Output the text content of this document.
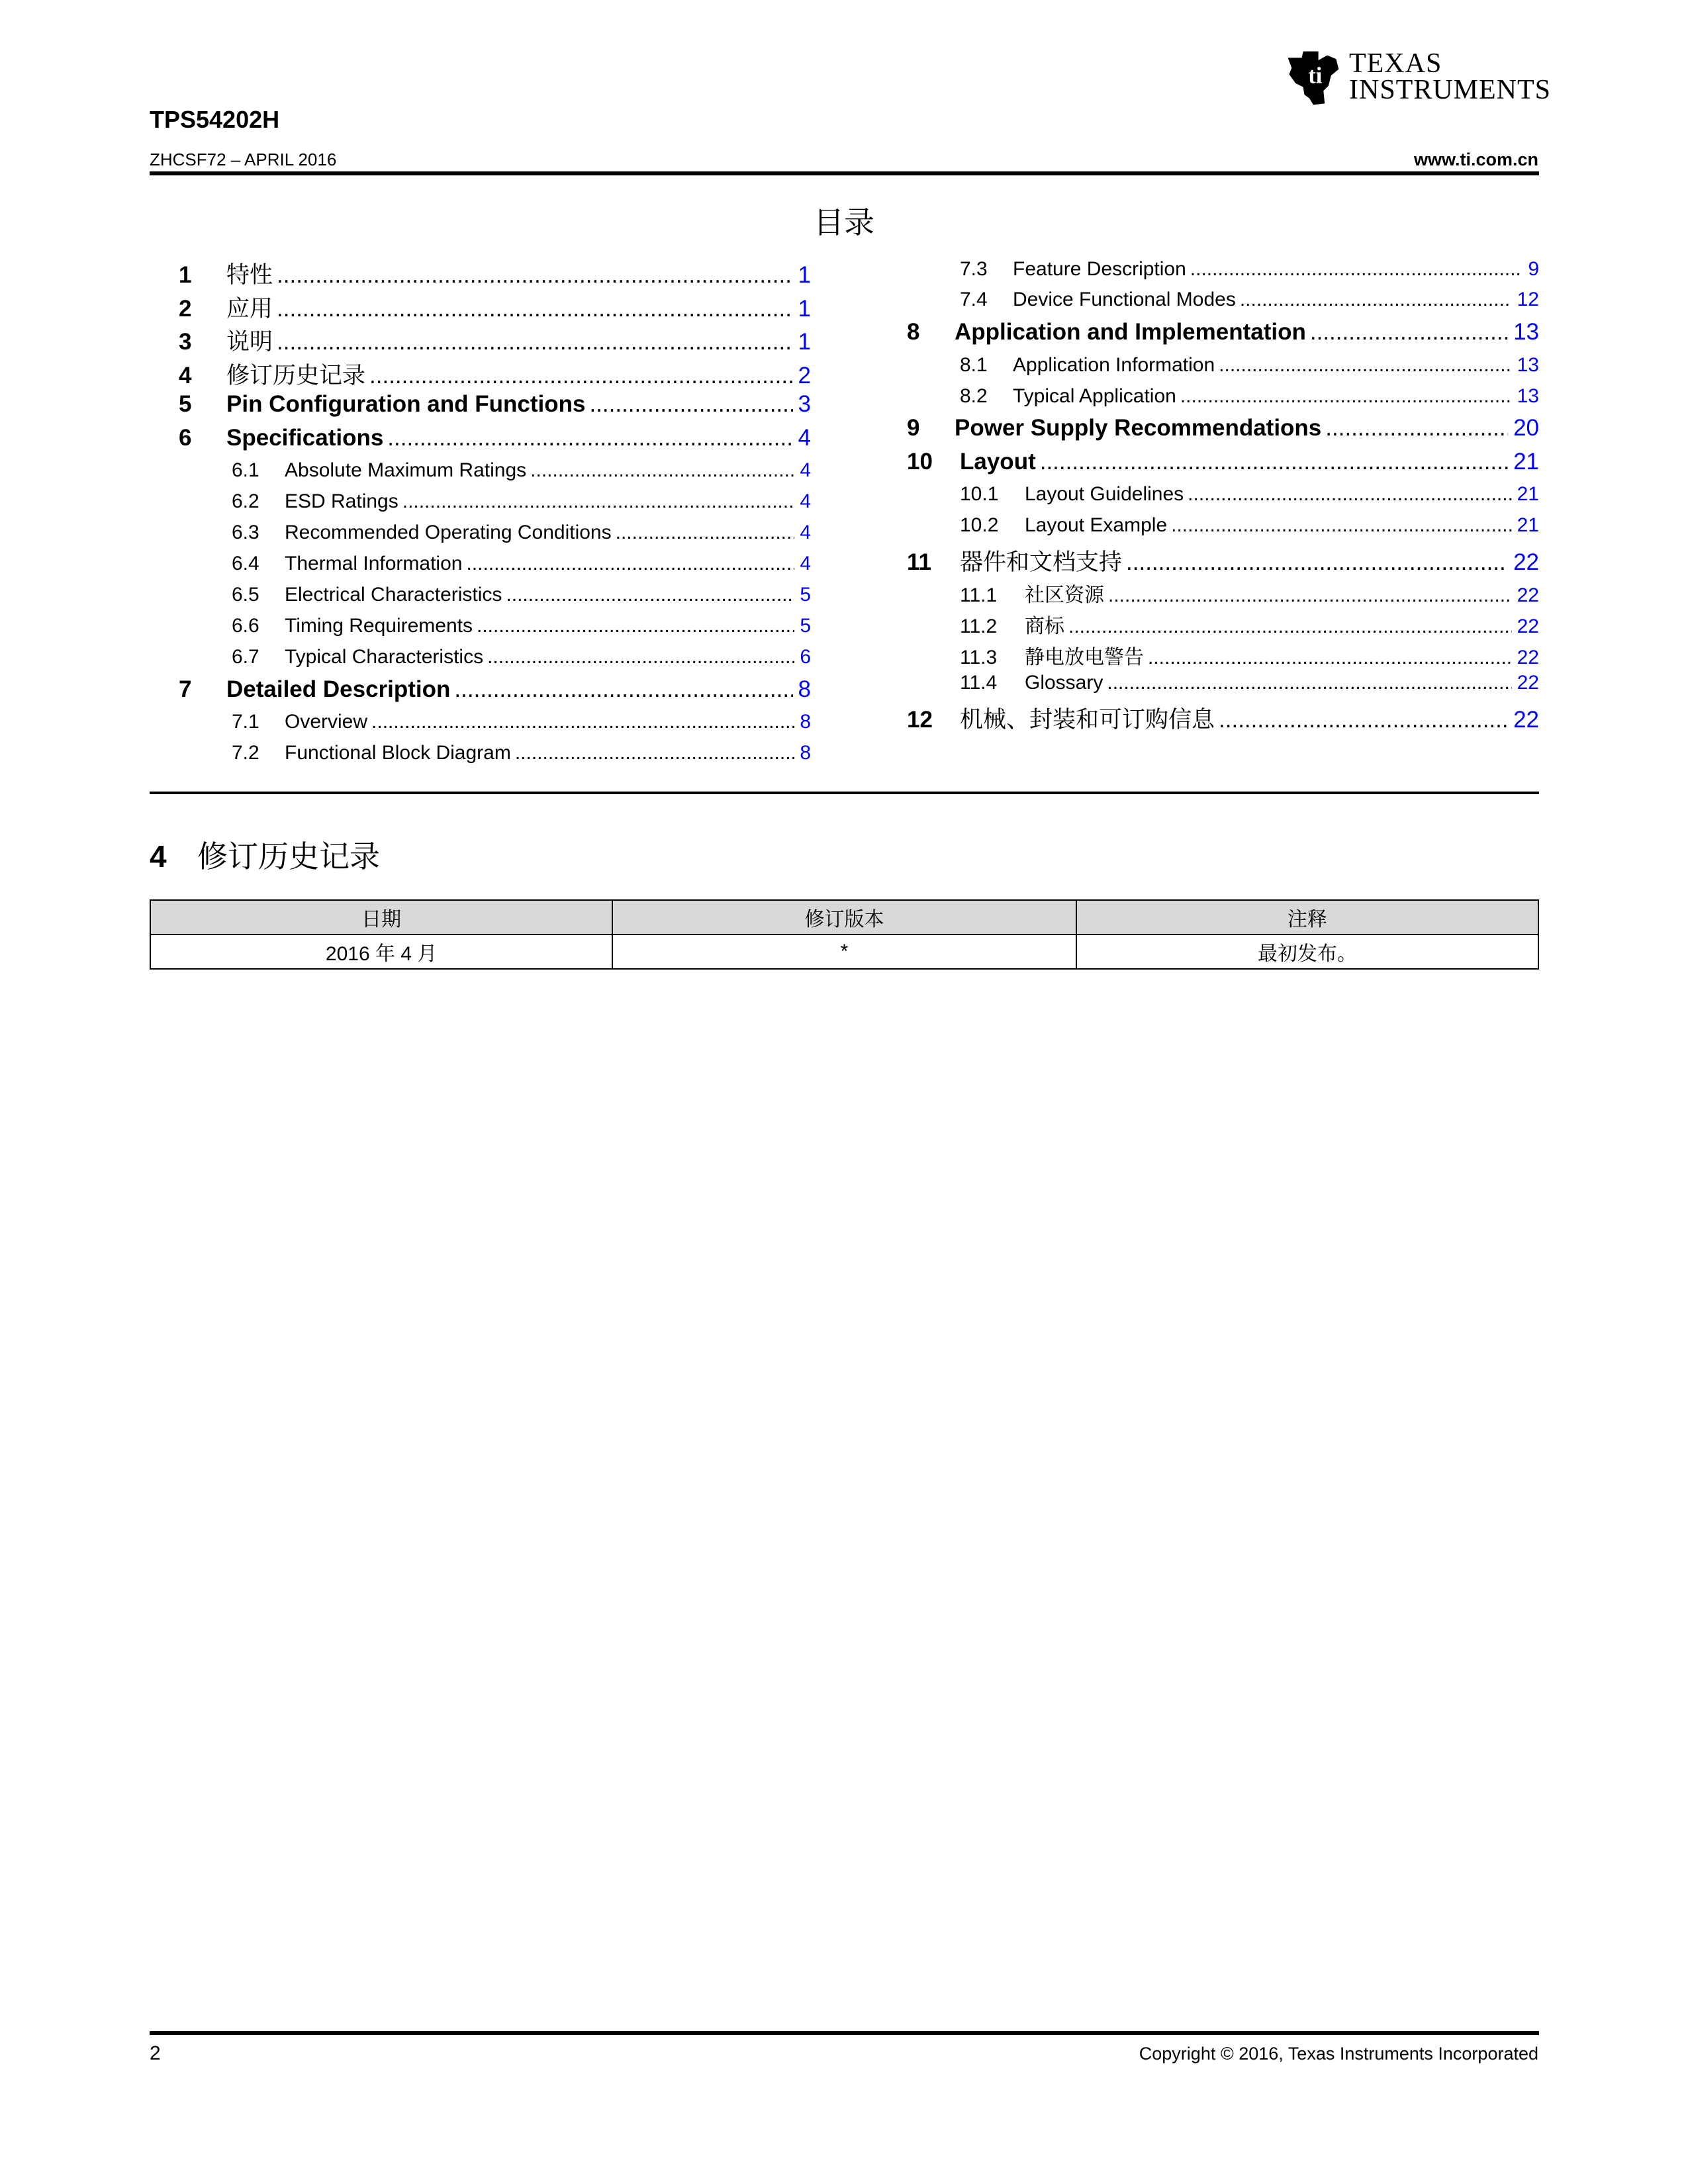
ti TEXAS
INSTRUMENTS
TPS54202H
ZHCSF72 – APRIL 2016	www.ti.com.cn
目录
1	特性 .....	1
2	应用 .....	1
3	说明 .....	1
4	修订历史记录 .....	2
5	Pin Configuration and Functions .....	3
6	Specifications .....	4
6.1	Absolute Maximum Ratings .....	4
6.2	ESD Ratings .....	4
6.3	Recommended Operating Conditions .....	4
6.4	Thermal Information .....	4
6.5	Electrical Characteristics .....	5
6.6	Timing Requirements .....	5
6.7	Typical Characteristics .....	6
7	Detailed Description .....	8
7.1	Overview .....	8
7.2	Functional Block Diagram .....	8
7.3	Feature Description .....	9
7.4	Device Functional Modes .....	12
8	Application and Implementation .....	13
8.1	Application Information .....	13
8.2	Typical Application .....	13
9	Power Supply Recommendations .....	20
10	Layout .....	21
10.1	Layout Guidelines .....	21
10.2	Layout Example .....	21
11	器件和文档支持 .....	22
11.1	社区资源 .....	22
11.2	商标 .....	22
11.3	静电放电警告 .....	22
11.4	Glossary .....	22
12	机械、封装和可订购信息 .....	22
4	修订历史记录
日期	修订版本	注释
2016 年 4 月	*	最初发布。
2	Copyright © 2016, Texas Instruments Incorporated
